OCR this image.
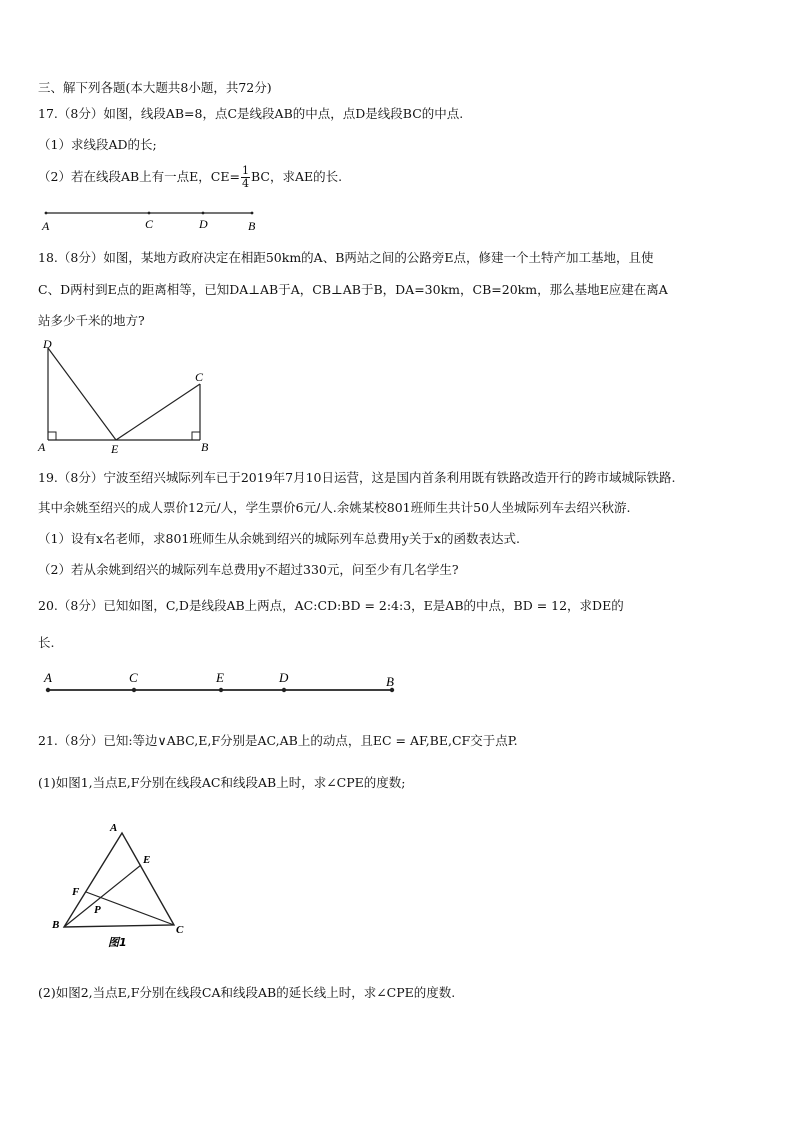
三、解下列各题(本大题共8小题，共72分)
17.（8分）如图，线段AB=8，点C是线段AB的中点，点D是线段BC的中点.
（1）求线段AD的长;
（2）若在线段AB上有一点E，$CE= \frac{1}{4}$ BC，求AE的长.
A	C	D	B
18.（8分）如图，某地方政府决定在相距50km的A、B两站之间的公路旁E点，修建一个土特产加工基地，且使
C、D两村到E点的距离相等，已知DA⊥AB于A，CB⊥AB于B，DA=30km，CB=20km，那么基地E应建在离A
站多少千米的地方?
D
C
A	E	B
19.（8分）宁波至绍兴城际列车已于2019年7月10日运营，这是国内首条利用既有铁路改造开行的跨市域城际铁路.
其中余姚至绍兴的成人票价12元/人，学生票价6元/人.余姚某校801班师生共计50人坐城际列车去绍兴秋游.
（1）设有x名老师，求801班师生从余姚到绍兴的城际列车总费用y关于x的函数表达式.
（2）若从余姚到绍兴的城际列车总费用y不超过330元，问至少有几名学生?
20.（8分）已知如图，C,D是线段AB上两点，AC:CD:BD = 2:4:3，E是AB的中点，BD = 12，求DE的
长.
A	C	E	D	B
21.（8分）已知:等边∨ABC,E,F分别是AC,AB上的动点，且EC = AF,BE,CF交于点P.
(1)如图1,当点E,F分别在线段AC和线段AB上时，求∠CPE的度数;
A
E
F
P
B	C
图1
(2)如图2,当点E,F分别在线段CA和线段AB的延长线上时，求∠CPE的度数.
